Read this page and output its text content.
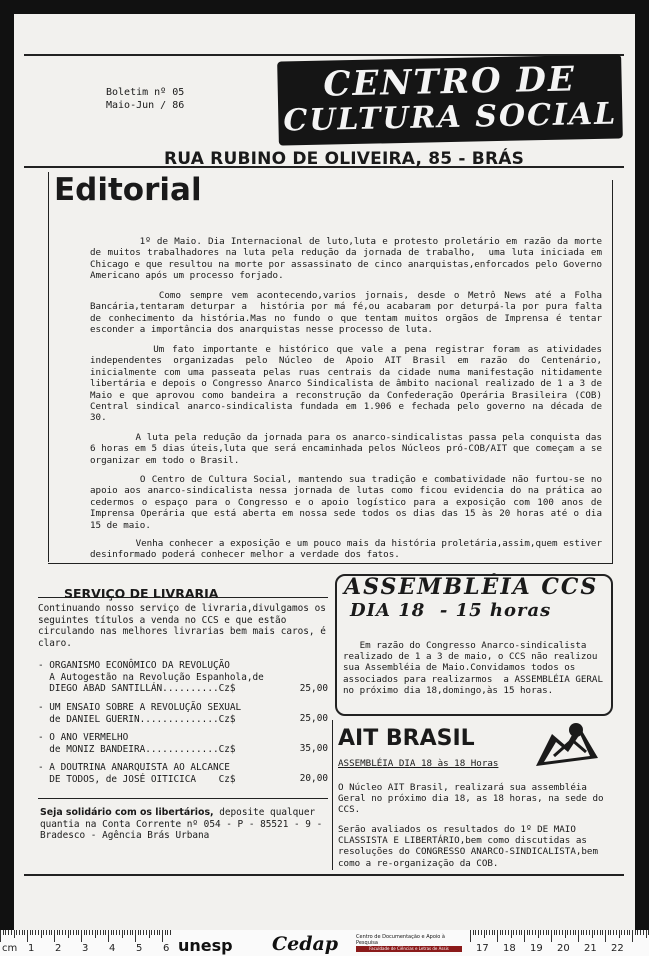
Boletim nº 05
Maio-Jun / 86
CENTRO DE
CULTURA SOCIAL
RUA RUBINO DE OLIVEIRA, 85 - BRÁS
Editorial
1º de Maio. Dia Internacional de luto,luta e protesto proletário em razão da morte de muitos trabalhadores na luta pela redução da jornada de trabalho,  uma luta iniciada em Chicago e que resultou na morte por assassinato de cinco anarquistas,enforcados pelo Governo Americano após um processo forjado.
Como sempre vem acontecendo,varios jornais, desde o Metrô News até a Folha Bancária,tentaram deturpar a  história por má fé,ou acabaram por deturpá-la por pura falta de conhecimento da história.Mas no fundo o que tentam muitos orgãos de Imprensa é tentar esconder a importância dos anarquistas nesse processo de luta.
Um fato importante e histórico que vale a pena registrar foram as atividades independentes organizadas pelo Núcleo de Apoio AIT Brasil em razão do Centenário, inicialmente com uma passeata pelas ruas centrais da cidade numa manifestação nitidamente libertária e depois o Congresso Anarco Sindicalista de âmbito nacional realizado de 1 a 3 de Maio e que aprovou como bandeira a reconstrução da Confederação Operária Brasileira (COB) Central sindical anarco-sindicalista fundada em 1.906 e fechada pelo governo na década de 30.
A luta pela redução da jornada para os anarco-sindicalistas passa pela conquista das 6 horas em 5 dias úteis,luta que será encaminhada pelos Núcleos pró-COB/AIT que começam a se organizar em todo o Brasil.
O Centro de Cultura Social, mantendo sua tradição e combatividade não furtou-se no apoio aos anarco-sindicalista nessa jornada de lutas como ficou evidencia do na prática ao cedermos o espaço para o Congresso e o apoio logístico para a exposição com 100 anos de Imprensa Operária que está aberta em nossa sede todos os dias das 15 às 20 horas até o dia 15 de maio.
Venha conhecer a exposição e um pouco mais da história proletária,assim,quem estiver desinformado poderá conhecer melhor a verdade dos fatos.
SERVIÇO DE LIVRARIA
Continuando nosso serviço de livraria,divulgamos os seguintes títulos a venda no CCS e que estão circulando nas melhores livrarias bem mais caros, é claro.
- ORGANISMO ECONÔMICO DA REVOLUÇÃO
A Autogestão na Revolução Espanhola,de
DIEGO ABAD SANTILLÁN..........Cz$	25,00
- UM ENSAIO SOBRE A REVOLUÇÃO SEXUAL
de DANIEL GUERIN..............Cz$	25,00
- O ANO VERMELHO
de MONIZ BANDEIRA.............Cz$	35,00
- A DOUTRINA ANARQUISTA AO ALCANCE
DE TODOS, de JOSÉ OITICICA    Cz$	20,00
Seja solidário com os libertários, deposite qualquer quantia na Conta Corrente nº 054 - P - 85521 - 9 - Bradesco - Agência Brás Urbana
ASSEMBLÉIA CCS
DIA 18  - 15 horas
Em razão do Congresso Anarco-sindicalista realizado de 1 a 3 de maio, o CCS não realizou sua Assembléia de Maio.Convidamos todos os associados para realizarmos  a ASSEMBLÉIA GERAL no próximo dia 18,domingo,às 15 horas.
AIT BRASIL
ASSEMBLÉIA DIA 18 às 18 Horas
O Núcleo AIT Brasil, realizará sua assembléia Geral no próximo dia 18, as 18 horas, na sede do CCS.
Serão avaliados os resultados do 1º DE MAIO CLASSISTA E LIBERTÁRIO,bem como discutidas as resoluções do CONGRESSO ANARCO-SINDICALISTA,bem como a re-organização da COB.
cm 1 2 3 4 5 6 unesp Cedap	Centro de Documentação e Apoio à Pesquisa
Faculdade de Ciências e Letras de Assis	17 18 19 20 21 22
